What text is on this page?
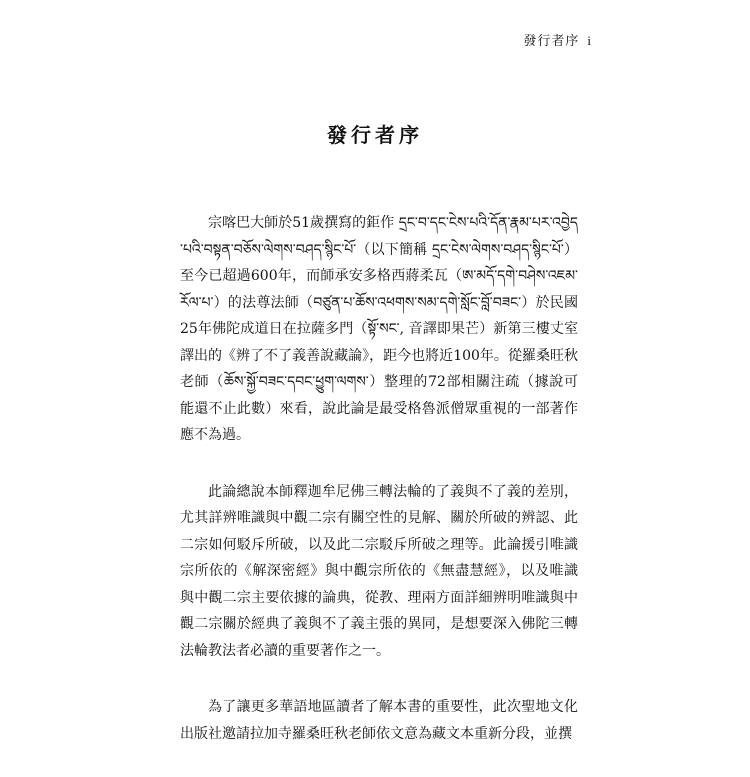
發行者序 i
發行者序

宗喀巴大師於51歲撰寫的鉅作 དྲང་བ་དང་ངེས་པའི་དོན་རྣམ་པར་འབྱེད་པའི་བསྟན་བཅོས་ལེགས་བཤད་སྙིང་པོ་（以下簡稱 དྲང་ངེས་ལེགས་བཤད་སྙིང་པོ་）至今已超過600年，而師承安多格西蔣柔瓦（ཨ་མདོ་དགེ་བཤེས་འཇམ་རོལ་པ་）的法尊法師（བཙུན་པ་ཆོས་འཕགས་སམ་དགེ་སློང་བློ་བཟང་）於民國25年佛陀成道日在拉薩多門（སྟོ་སང་, 音譯即果芒）新第三樓丈室譯出的《辨了不了義善說藏論》，距今也將近100年。從羅桑旺秋老師（ཆོས་སྐྱོ་བཟང་དབང་ཕྱུག་ལགས་）整理的72部相關注疏（據說可能還不止此數）來看，說此論是最受格魯派僧眾重視的一部著作應不為過。

此論總說本師釋迦牟尼佛三轉法輪的了義與不了義的差別，尤其詳辨唯識與中觀二宗有關空性的見解、關於所破的辨認、此二宗如何駁斥所破，以及此二宗駁斥所破之理等。此論援引唯識宗所依的《解深密經》與中觀宗所依的《無盡慧經》，以及唯識與中觀二宗主要依據的論典，從教、理兩方面詳細辨明唯識與中觀二宗關於經典了義與不了義主張的異同，是想要深入佛陀三轉法輪教法者必讀的重要著作之一。

為了讓更多華語地區讀者了解本書的重要性，此次聖地文化出版社邀請拉加寺羅桑旺秋老師依文意為藏文本重新分段，並撰
